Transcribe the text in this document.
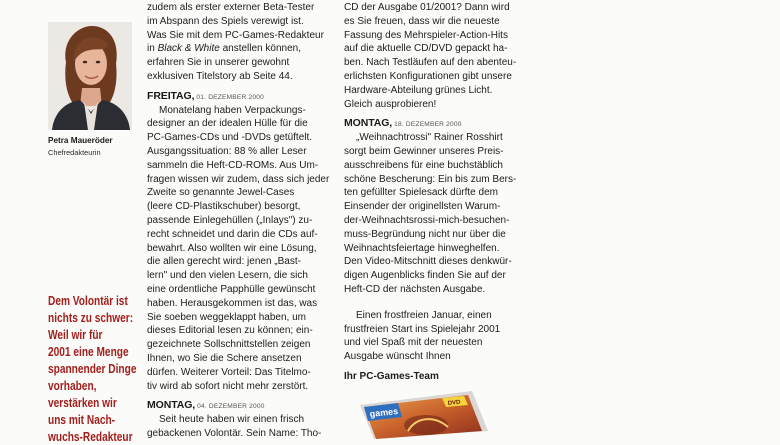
Petra Maueröder
Chefredakteurin
Dem Volontär ist
nichts zu schwer:
Weil wir für
2001 eine Menge
spannender Dinge
vorhaben,
verstärken wir
uns mit Nach-
wuchs-Redakteur
zudem als erster externer Beta-Tester
im Abspann des Spiels verewigt ist.
Was Sie mit dem PC-Games-Redakteur
in Black & White anstellen können,
erfahren Sie in unserer gewohnt
exklusiven Titelstory ab Seite 44.
FREITAG, 01. DEZEMBER 2000
Monatelang haben Verpackungs-
designer an der idealen Hülle für die
PC-Games-CDs und -DVDs getüftelt.
Ausgangssituation: 88 % aller Leser
sammeln die Heft-CD-ROMs. Aus Um-
fragen wissen wir zudem, dass sich jeder
Zweite so genannte Jewel-Cases
(leere CD-Plastikschuber) besorgt,
passende Einlegehüllen („Inlays") zu-
recht schneidet und darin die CDs auf-
bewahrt. Also wollten wir eine Lösung,
die allen gerecht wird: jenen „Bast-
lern" und den vielen Lesern, die sich
eine ordentliche Papphülle gewünscht
haben. Herausgekommen ist das, was
Sie soeben weggeklappt haben, um
dieses Editorial lesen zu können; ein-
gezeichnete Sollschnittstellen zeigen
Ihnen, wo Sie die Schere ansetzen
dürfen. Weiterer Vorteil: Das Titelmo-
tiv wird ab sofort nicht mehr zerstört.
MONTAG, 04. DEZEMBER 2000
Seit heute haben wir einen frisch
gebackenen Volontär. Sein Name: Tho-
CD der Ausgabe 01/2001? Dann wird
es Sie freuen, dass wir die neueste
Fassung des Mehrspieler-Action-Hits
auf die aktuelle CD/DVD gepackt ha-
ben. Nach Testläufen auf den abenteu-
erlichsten Konfigurationen gibt unsere
Hardware-Abteilung grünes Licht.
Gleich ausprobieren!
MONTAG, 18. DEZEMBER 2000
„Weihnachtrossi" Rainer Rosshirt
sorgt beim Gewinner unseres Preis-
ausschreibens für eine buchstäblich
schöne Bescherung: Ein bis zum Bers-
ten gefüllter Spielesack dürfte dem
Einsender der originellsten Warum-
der-Weihnachtsrossi-mich-besuchen-
muss-Begründung nicht nur über die
Weihnachtsfeiertage hinweghelfen.
Den Video-Mitschnitt dieses denkwür-
digen Augenblicks finden Sie auf der
Heft-CD der nächsten Ausgabe.
Einen frostfreien Januar, einen
frustfreien Start ins Spielejahr 2001
und viel Spaß mit der neuesten
Ausgabe wünscht Ihnen
Ihr PC-Games-Team
games
DVD
